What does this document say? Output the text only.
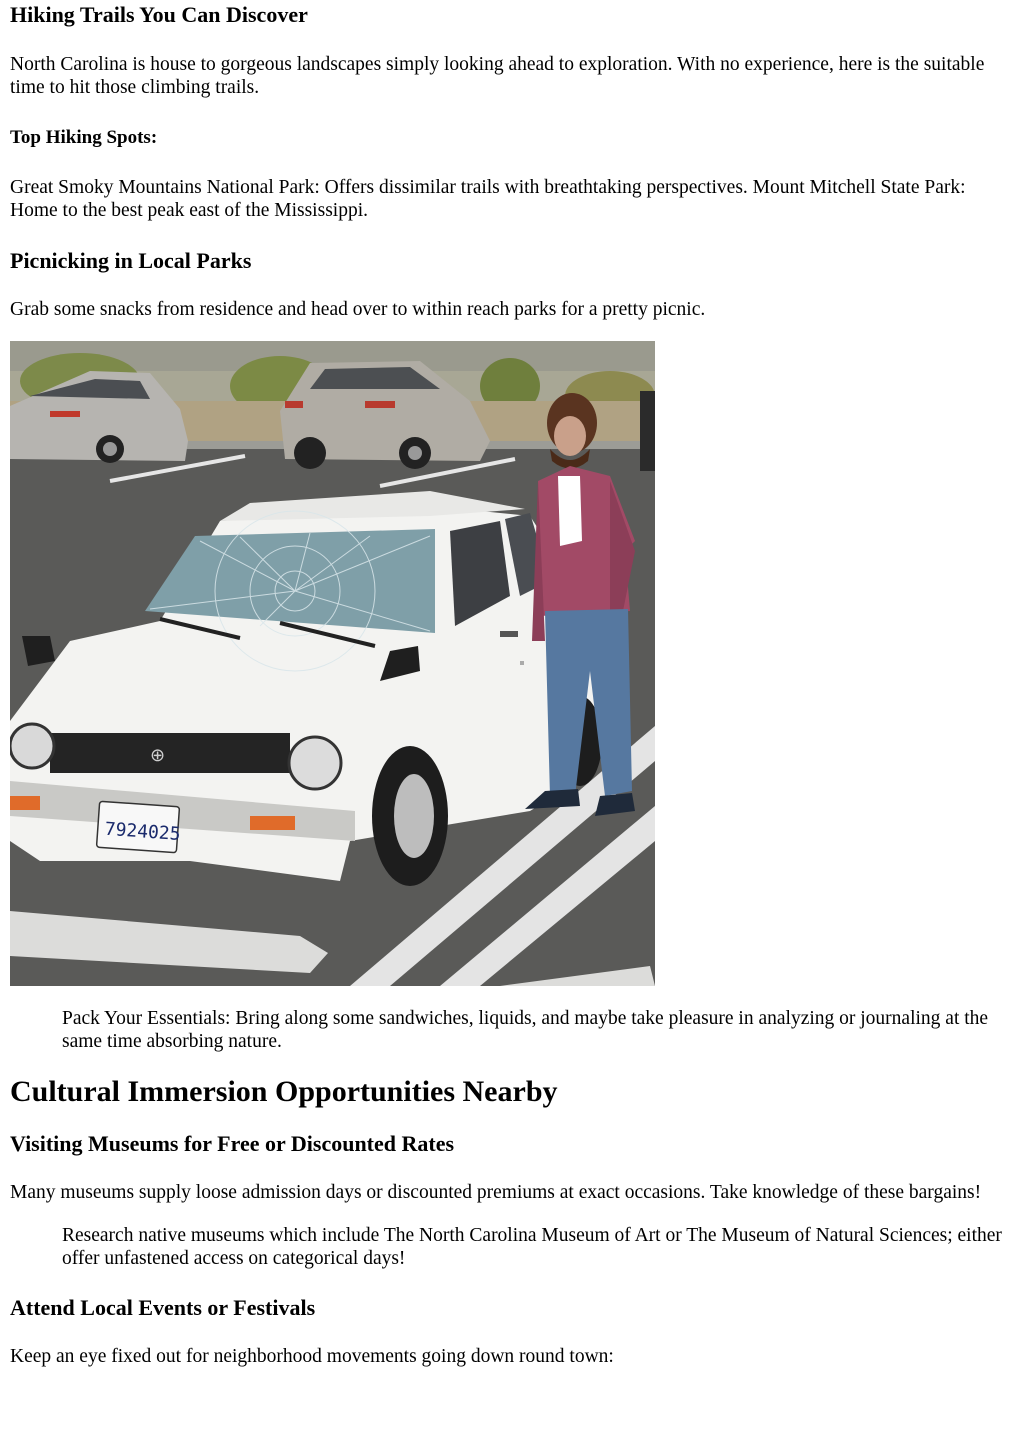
Hiking Trails You Can Discover

North Carolina is house to gorgeous landscapes simply looking ahead to exploration. With no experience, here is the suitable time to hit those climbing trails.

Top Hiking Spots:

Great Smoky Mountains National Park: Offers dissimilar trails with breathtaking perspectives. Mount Mitchell State Park: Home to the best peak east of the Mississippi.

Picnicking in Local Parks

Grab some snacks from residence and head over to within reach parks for a pretty picnic.

⊕
7924025
Pack Your Essentials: Bring along some sandwiches, liquids, and maybe take pleasure in analyzing or journaling at the same time absorbing nature.
Cultural Immersion Opportunities Nearby
Visiting Museums for Free or Discounted Rates

Many museums supply loose admission days or discounted premiums at exact occasions. Take knowledge of these bargains!

Research native museums which include The North Carolina Museum of Art or The Museum of Natural Sciences; either offer unfastened access on categorical days!
Attend Local Events or Festivals

Keep an eye fixed out for neighborhood movements going down round town:
